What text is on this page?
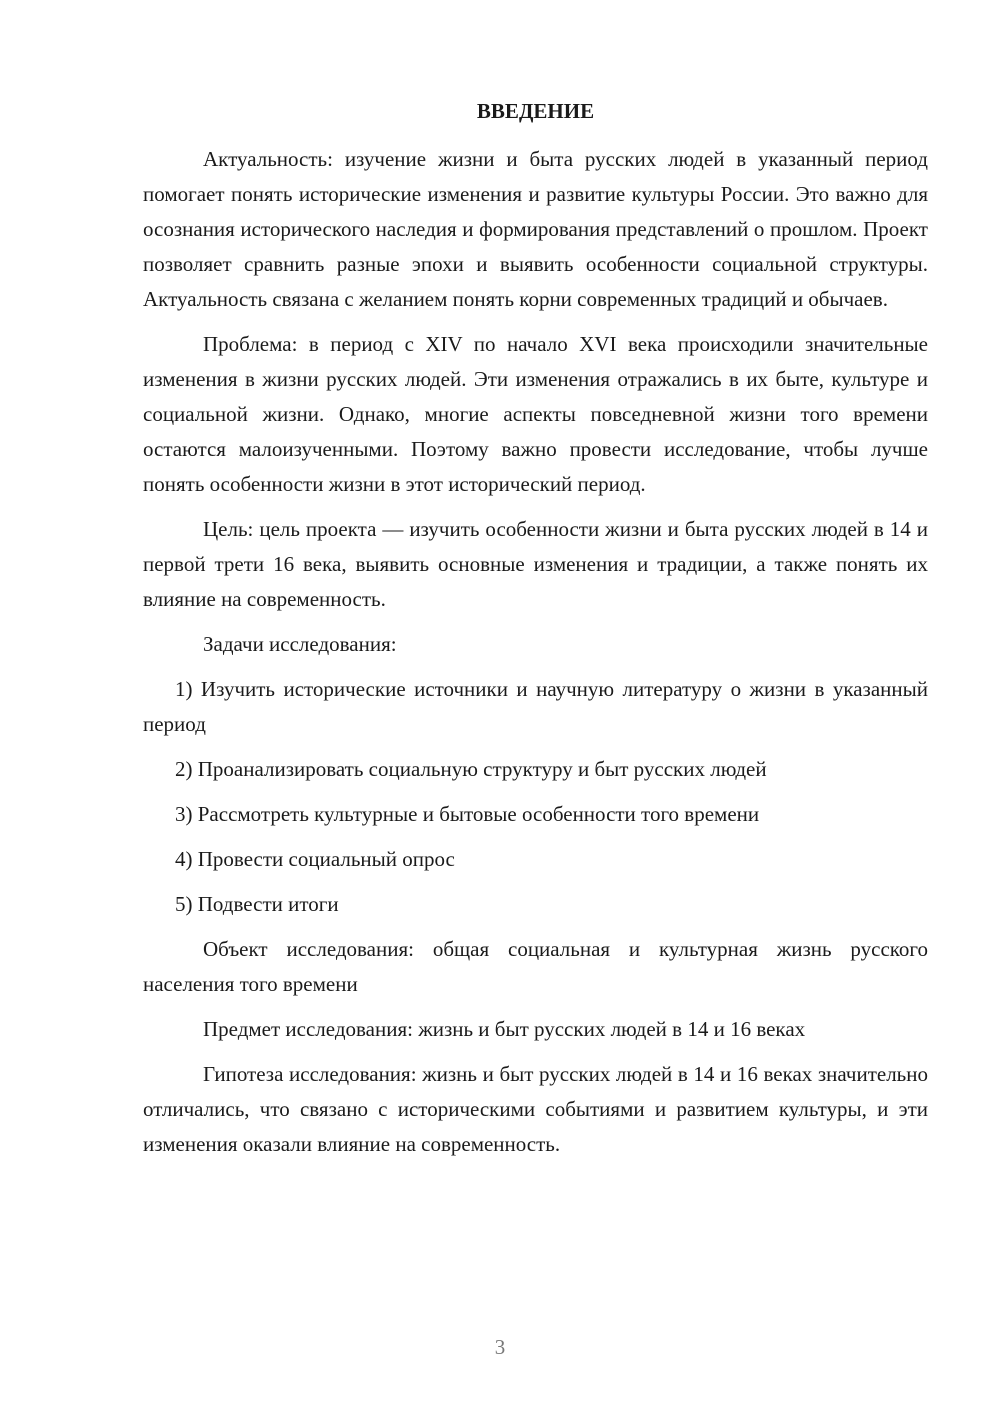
ВВЕДЕНИЕ

Актуальность: изучение жизни и быта русских людей в указанный период помогает понять исторические изменения и развитие культуры России. Это важно для осознания исторического наследия и формирования представлений о прошлом. Проект позволяет сравнить разные эпохи и выявить особенности социальной структуры. Актуальность связана с желанием понять корни современных традиций и обычаев.

Проблема: в период с XIV по начало XVI века происходили значительные изменения в жизни русских людей. Эти изменения отражались в их быте, культуре и социальной жизни. Однако, многие аспекты повседневной жизни того времени остаются малоизученными. Поэтому важно провести исследование, чтобы лучше понять особенности жизни в этот исторический период.

Цель: цель проекта — изучить особенности жизни и быта русских людей в 14 и первой трети 16 века, выявить основные изменения и традиции, а также понять их влияние на современность.

Задачи исследования:

1) Изучить исторические источники и научную литературу о жизни в указанный период

2) Проанализировать социальную структуру и быт русских людей

3) Рассмотреть культурные и бытовые особенности того времени

4) Провести социальный опрос

5) Подвести итоги

Объект исследования: общая социальная и культурная жизнь русского населения того времени

Предмет исследования: жизнь и быт русских людей в 14 и 16 веках

Гипотеза исследования: жизнь и быт русских людей в 14 и 16 веках значительно отличались, что связано с историческими событиями и развитием культуры, и эти изменения оказали влияние на современность.

3
